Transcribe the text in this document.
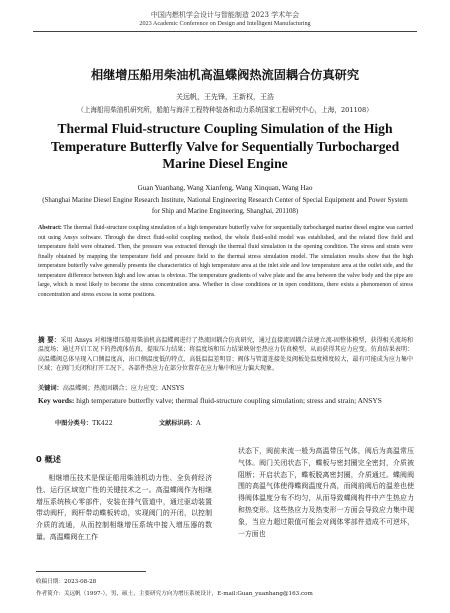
中国内燃机学会设计与智能制造 2023 学术年会
2023 Academic Conference on Design and Intelligent Manufacturing
相继增压船用柴油机高温蝶阀热流固耦合仿真研究
关远帆，王先锋，王新权，王浩
（上海船用柴油机研究所，船舶与海洋工程特种装备和动力系统国家工程研究中心，上海，201108）
Thermal Fluid-structure Coupling Simulation of the High Temperature Butterfly Valve for Sequentially Turbocharged Marine Diesel Engine
Guan Yuanhang, Wang Xianfeng, Wang Xinquan, Wang Hao
(Shanghai Marine Diesel Engine Research Institute, National Engineering Research Center of Special Equipment and Power System for Ship and Marine Engineering, Shanghai, 201108)
Abstract: The thermal fluid-structure coupling simulation of a high temperature butterfly valve for sequentially turbocharged marine diesel engine was carried out using Ansys software. Through the direct fluid-solid coupling method, the whole fluid-solid model was established, and the related flow field and temperature field were obtained. Then, the pressure was extracted through the thermal fluid simulation in the opening condition. The stress and strain were finally obtained by mapping the temperature field and pressure field to the thermal stress simulation model. The simulation results show that the high temperature butterfly valve generally presents the characteristics of high temperature area at the inlet side and low temperature area at the outlet side, and the temperature difference between high and low areas is obvious. The temperature gradients of valve plate and the area between the valve body and the pipe are large, which is most likely to become the stress concentration area. Whether in close conditions or in open conditions, there exists a phenomenon of stress concentration and stress excess in some positions.
摘 要：采用 Ansys 对相继增压船用柴油机高温蝶阀进行了热流固耦合仿真研究，通过直接流固耦合法建立流-固整体模型，获得相关流场和温度场；通过开启工况下的热流体仿真，提取压力结果；将温度场和压力结果映射至热应力仿真模型，从而获得其应力应变。仿真结果表明：高温蝶阀总体呈现入口侧温度高，出口侧温度低的特点，高低温温差明显；阀体与管道连接处及阀板处温度梯度较大，最有可能成为应力集中区域；在阀门关闭和打开工况下，各部件热应力在部分位置存在应力集中和应力偏大现象。
关键词：高温蝶阀；热流固耦合；应力应变；ANSYS
Key words: high temperature butterfly valve; thermal fluid-structure coupling simulation; stress and strain; ANSYS
中图分类号：TK422	文献标识码：A
0 概述
相继增压技术是保证船用柴油机动力性、全负荷经济性、运行区域宽广性的关键技术之一。高温蝶阀作为相继增压系统核心零部件，安装在排气管道中，通过驱动装置带动阀杆，阀杆带动蝶板转动，实现阀门的开闭，以控制介质的流通，从而控制相继增压系统中接入增压器的数量。高温蝶阀在工作
状态下，阀前来流一般为高温带压气体，阀后为高温常压气体。阀门关闭状态下，蝶板与密封圈完全密封，介质被阻断；开启状态下，蝶板脱离密封圈，介质通过。蝶阀阀围的高温气体使得蝶阀温度升高，而阀前阀后的温差也使得阀体温度分布不均匀，从而导致蝶阀构件中产生热应力和热变形。这些热应力及热变形一方面会导致应力集中现象，当应力超过限值可能会对阀体零部件造成不可逆坏，一方面也
收稿日期：2023-08-28
作者简介：关远帆（1997-），男，硕士，主要研究方向为增压系统设计，E-mail:Guan_yuanhang@163.com
